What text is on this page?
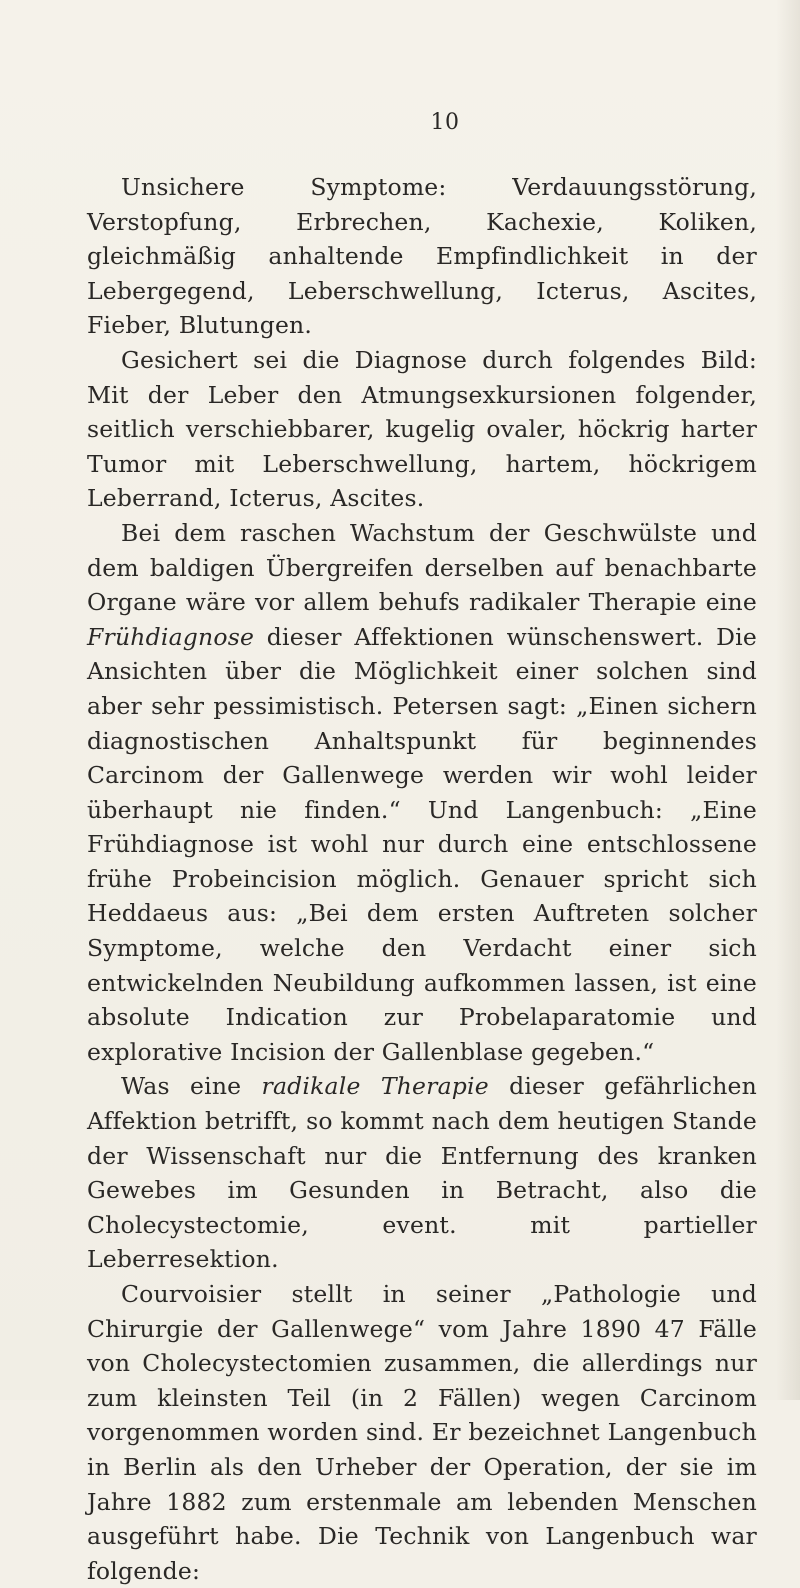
10

Unsichere Symptome: Verdauungsstörung, Verstopfung, Erbrechen, Kachexie, Koliken, gleichmäßig anhaltende Empfindlichkeit in der Lebergegend, Leberschwellung, Icterus, Ascites, Fieber, Blutungen.

Gesichert sei die Diagnose durch folgendes Bild: Mit der Leber den Atmungsexkursionen folgender, seitlich verschiebbarer, kugelig ovaler, höckrig harter Tumor mit Leberschwellung, hartem, höckrigem Leberrand, Icterus, Ascites.

Bei dem raschen Wachstum der Geschwülste und dem baldigen Übergreifen derselben auf benachbarte Organe wäre vor allem behufs radikaler Therapie eine Frühdiagnose dieser Affektionen wünschenswert. Die Ansichten über die Möglichkeit einer solchen sind aber sehr pessimistisch. Petersen sagt: „Einen sichern diagnostischen Anhaltspunkt für beginnendes Carcinom der Gallenwege werden wir wohl leider überhaupt nie finden.“ Und Langenbuch: „Eine Frühdiagnose ist wohl nur durch eine entschlossene frühe Probeincision möglich. Genauer spricht sich Heddaeus aus: „Bei dem ersten Auftreten solcher Symptome, welche den Verdacht einer sich entwickelnden Neubildung aufkommen lassen, ist eine absolute Indication zur Probelaparatomie und explorative Incision der Gallenblase gegeben.“

Was eine radikale Therapie dieser gefährlichen Affektion betrifft, so kommt nach dem heutigen Stande der Wissenschaft nur die Entfernung des kranken Gewebes im Gesunden in Betracht, also die Cholecystectomie, event. mit partieller Leberresektion.

Courvoisier stellt in seiner „Pathologie und Chirurgie der Gallenwege“ vom Jahre 1890 47 Fälle von Cholecystectomien zusammen, die allerdings nur zum kleinsten Teil (in 2 Fällen) wegen Carcinom vorgenommen worden sind. Er bezeichnet Langenbuch in Berlin als den Urheber der Operation, der sie im Jahre 1882 zum erstenmale am lebenden Menschen ausgeführt habe. Die Technik von Langenbuch war folgende:
